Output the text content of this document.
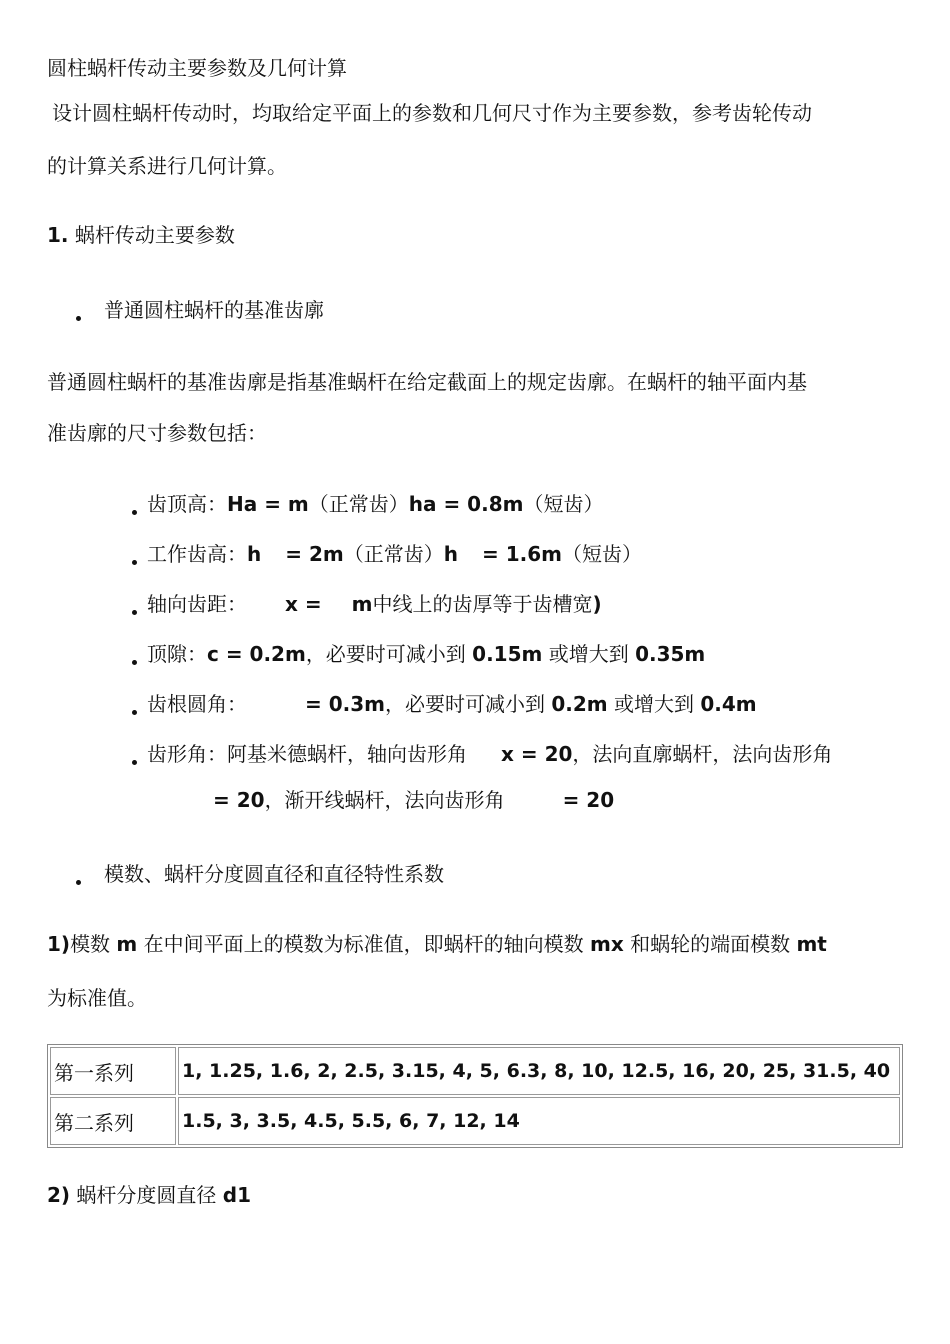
圆柱蜗杆传动主要参数及几何计算
设计圆柱蜗杆传动时，均取给定平面上的参数和几何尺寸作为主要参数，参考齿轮传动
的计算关系进行几何计算。
1. 蜗杆传动主要参数
普通圆柱蜗杆的基准齿廓
普通圆柱蜗杆的基准齿廓是指基准蜗杆在给定截面上的规定齿廓。在蜗杆的轴平面内基
准齿廓的尺寸参数包括：
齿顶高：Ha = m（正常齿）ha = 0.8m（短齿）
工作齿高：h = 2m（正常齿）h = 1.6m（短齿）
轴向齿距： x = m中线上的齿厚等于齿槽宽)
顶隙：c = 0.2m，必要时可减小到 0.15m 或增大到 0.35m
齿根圆角：	= 0.3m，必要时可减小到 0.2m 或增大到 0.4m
齿形角：阿基米德蜗杆，轴向齿形角 x = 20，法向直廓蜗杆，法向齿形角
= 20，渐开线蜗杆，法向齿形角	= 20
模数、蜗杆分度圆直径和直径特性系数
1)模数 m 在中间平面上的模数为标准值，即蜗杆的轴向模数 mx 和蜗轮的端面模数 mt
为标准值。
第一系列	1, 1.25, 1.6, 2, 2.5, 3.15, 4, 5, 6.3, 8, 10, 12.5, 16, 20, 25, 31.5, 40
第二系列	1.5, 3, 3.5, 4.5, 5.5, 6, 7, 12, 14
2) 蜗杆分度圆直径 d1
